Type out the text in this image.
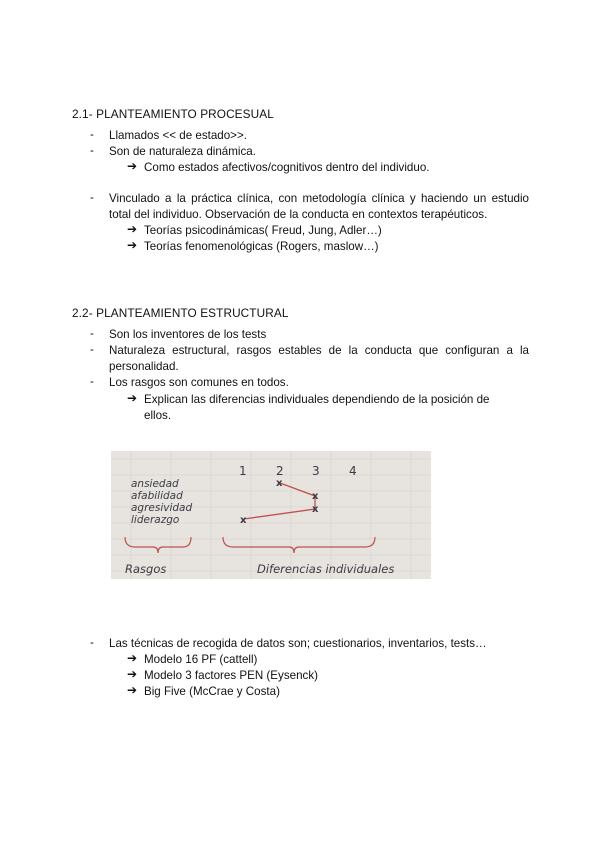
2.1- PLANTEAMIENTO PROCESUAL
- Llamados << de estado>>.
- Son de naturaleza dinámica.
➔ Como estados afectivos/cognitivos dentro del individuo.
- Vinculado a la práctica clínica, con metodología clínica y haciendo un estudio total del individuo. Observación de la conducta en contextos terapéuticos.
➔ Teorías psicodinámicas( Freud, Jung, Adler…)
➔ Teorías fenomenológicas (Rogers, maslow…)
2.2- PLANTEAMIENTO ESTRUCTURAL
- Son los inventores de los tests
- Naturaleza estructural, rasgos estables de la conducta que configuran a la personalidad.
- Los rasgos son comunes en todos.
➔ Explican las diferencias individuales dependiendo de la posición de ellos.
1 2 3 4
ansiedad
afabilidad
agresividad
liderazgo
x
x
x
x
Rasgos	Diferencias individuales
- Las técnicas de recogida de datos son; cuestionarios, inventarios, tests…
➔ Modelo 16 PF (cattell)
➔ Modelo 3 factores PEN (Eysenck)
➔ Big Five (McCrae y Costa)
